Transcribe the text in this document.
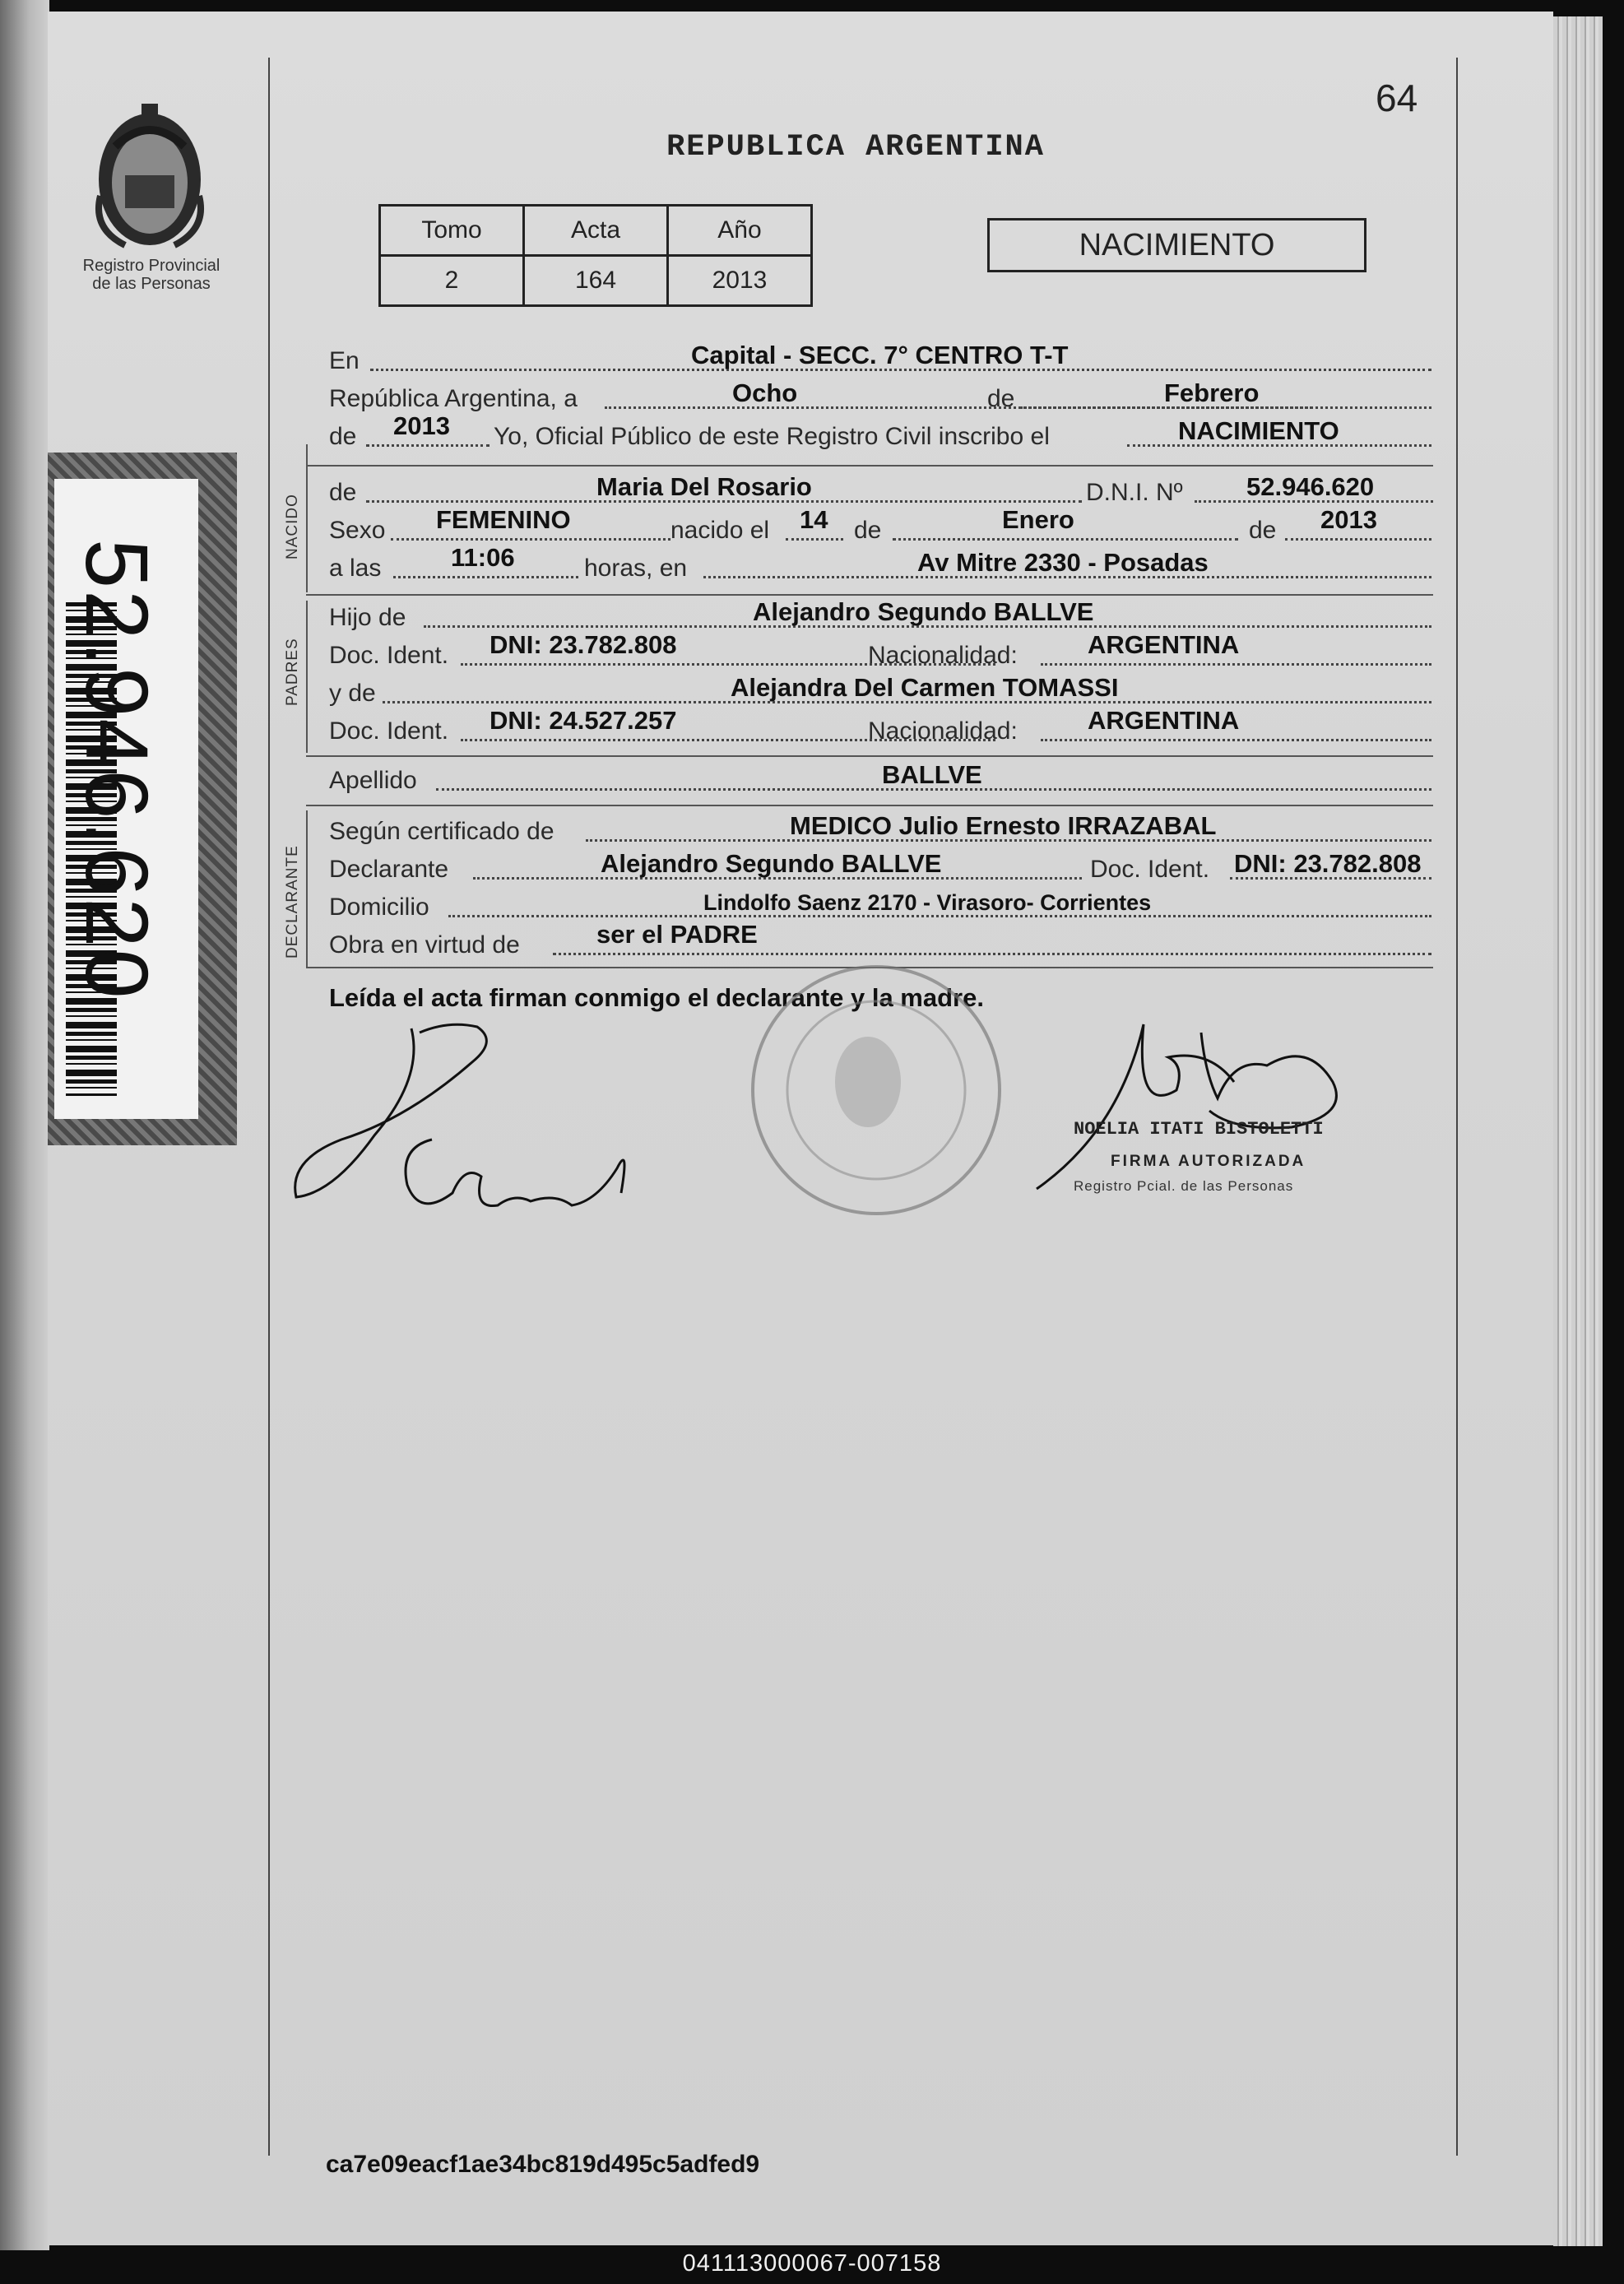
64
REPUBLICA ARGENTINA
Registro Provincial
de las Personas
52.946.620
Tomo	Acta	Año
2	164	2013
NACIMIENTO
NACIDO
PADRES
DECLARANTE
En	Capital - SECC. 7° CENTRO T-T
República Argentina, a	Ocho	de	Febrero
de 2013 Yo, Oficial Público de este Registro Civil inscribo el	NACIMIENTO
de	Maria Del Rosario	D.N.I. Nº 52.946.620
Sexo FEMENINO	nacido el 14 de	Enero	de 2013
a las	11:06	horas, en	Av Mitre 2330 - Posadas
Hijo de	Alejandro Segundo BALLVE
Doc. Ident. DNI: 23.782.808	Nacionalidad:	ARGENTINA
y de	Alejandra Del Carmen TOMASSI
Doc. Ident. DNI: 24.527.257	Nacionalidad:	ARGENTINA
Apellido	BALLVE
Según certificado de	MEDICO Julio Ernesto IRRAZABAL
Declarante	Alejandro Segundo BALLVE	Doc. Ident. DNI: 23.782.808
Domicilio	Lindolfo Saenz 2170 - Virasoro- Corrientes
Obra en virtud de	ser el PADRE
Leída el acta firman conmigo el declarante y la madre.
NOELIA ITATI BISTOLETTI
FIRMA AUTORIZADA
Registro Pcial. de las Personas
ca7e09eacf1ae34bc819d495c5adfed9
041113000067-007158
